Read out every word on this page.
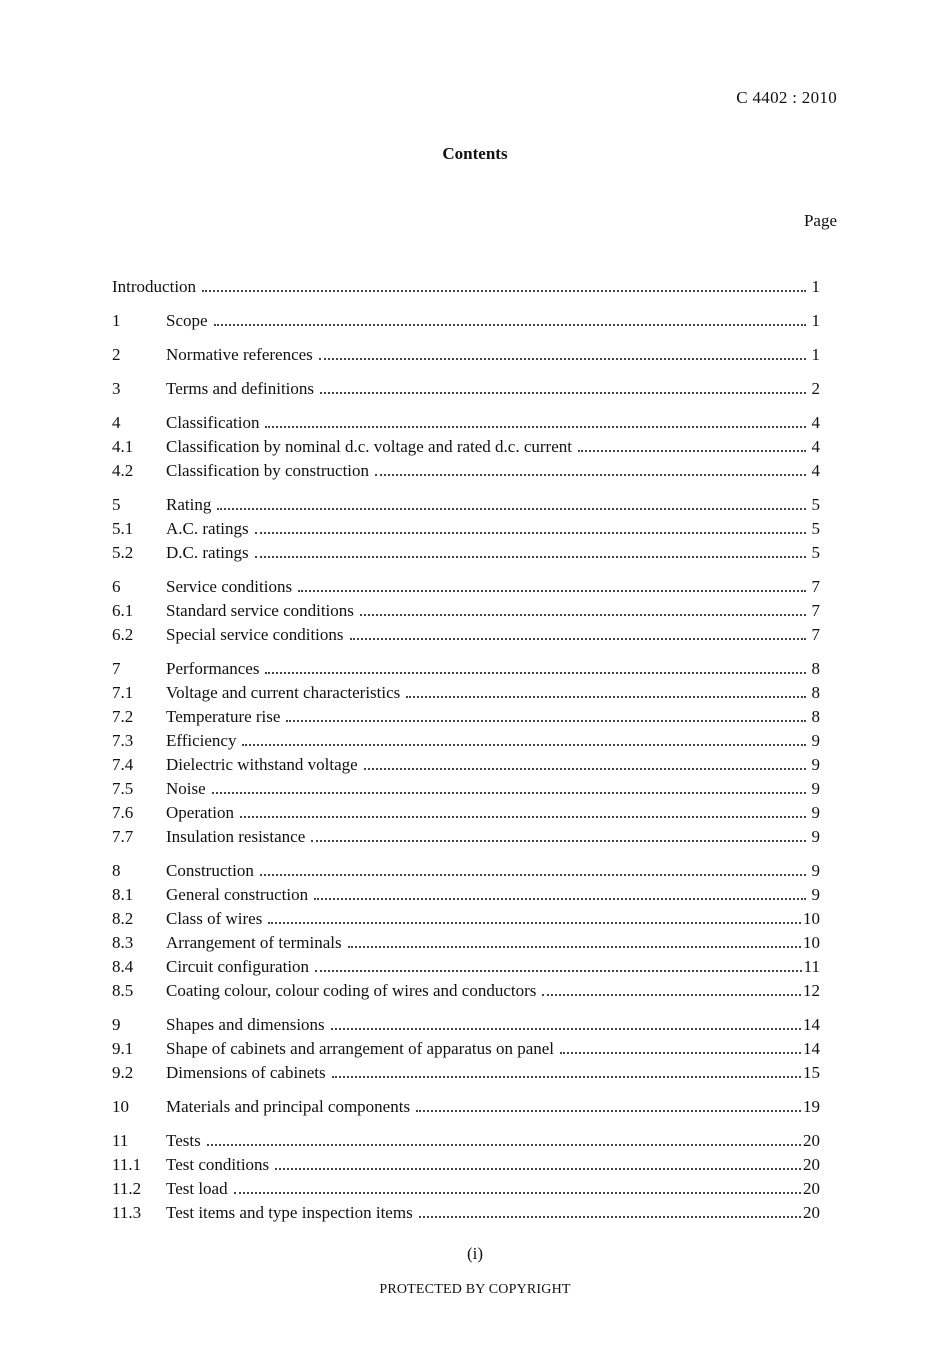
C 4402 : 2010
Contents
Page
Introduction	1
1	Scope	1
2	Normative references	1
3	Terms and definitions	2
4	Classification	4
4.1	Classification by nominal d.c. voltage and rated d.c. current	4
4.2	Classification by construction	4
5	Rating	5
5.1	A.C. ratings	5
5.2	D.C. ratings	5
6	Service conditions	7
6.1	Standard service conditions	7
6.2	Special service conditions	7
7	Performances	8
7.1	Voltage and current characteristics	8
7.2	Temperature rise	8
7.3	Efficiency	9
7.4	Dielectric withstand voltage	9
7.5	Noise	9
7.6	Operation	9
7.7	Insulation resistance	9
8	Construction	9
8.1	General construction	9
8.2	Class of wires	10
8.3	Arrangement of terminals	10
8.4	Circuit configuration	11
8.5	Coating colour, colour coding of wires and conductors	12
9	Shapes and dimensions	14
9.1	Shape of cabinets and arrangement of apparatus on panel	14
9.2	Dimensions of cabinets	15
10	Materials and principal components	19
11	Tests	20
11.1	Test conditions	20
11.2	Test load	20
11.3	Test items and type inspection items	20
(i)
PROTECTED BY COPYRIGHT
